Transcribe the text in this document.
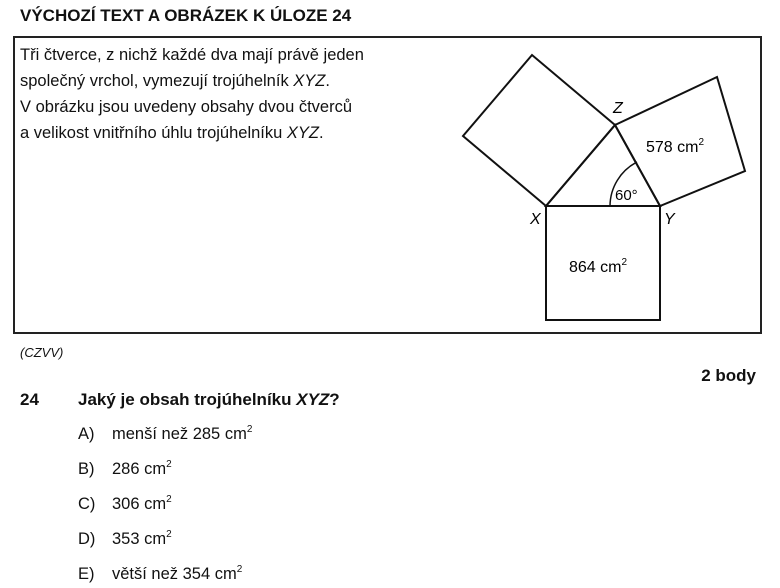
VÝCHOZÍ TEXT A OBRÁZEK K ÚLOZE 24

Tři čtverce, z nichž každé dva mají právě jeden

společný vrchol, vymezují trojúhelník XYZ.

V obrázku jsou uvedeny obsahy dvou čtverců

a velikost vnitřního úhlu trojúhelníku XYZ.

X	Y
Z
60°
578 $cm^2$
864 $cm^2$
(CZVV)
2 body
24 Jaký je obsah trojúhelníku XYZ?
A) menší než 285 $cm^2$
B) 286 $cm^2$
C) 306 $cm^2$
D) 353 $cm^2$
E) větší než 354 $cm^2$
